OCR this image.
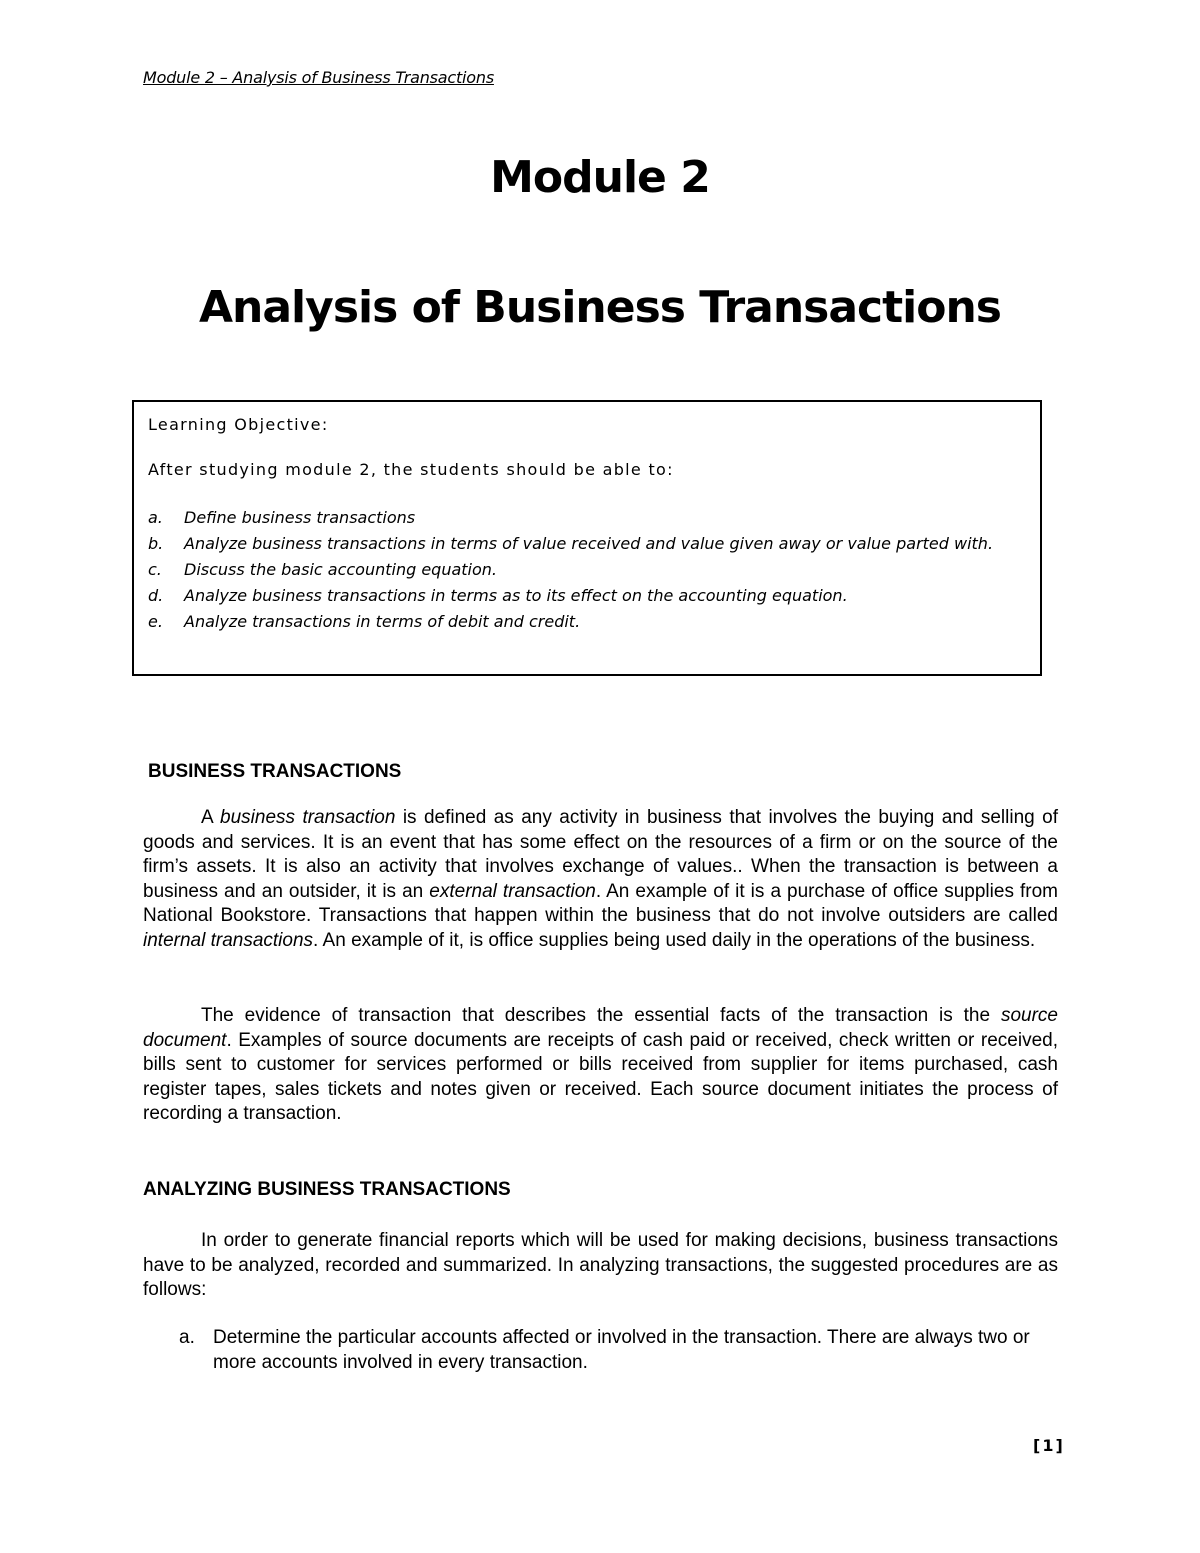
Module 2 – Analysis of Business Transactions
Module 2
Analysis of Business Transactions
Learning Objective:
After studying module 2, the students should be able to:
a. Define business transactions
b. Analyze business transactions in terms of value received and value given away or value parted with.
c. Discuss the basic accounting equation.
d. Analyze business transactions in terms as to its effect on the accounting equation.
e. Analyze transactions in terms of debit and credit.
BUSINESS TRANSACTIONS

A business transaction is defined as any activity in business that involves the buying and selling of goods and services. It is an event that has some effect on the resources of a firm or on the source of the firm’s assets. It is also an activity that involves exchange of values.. When the transaction is between a business and an outsider, it is an external transaction. An example of it is a purchase of office supplies from National Bookstore. Transactions that happen within the business that do not involve outsiders are called internal transactions. An example of it, is office supplies being used daily in the operations of the business.

The evidence of transaction that describes the essential facts of the transaction is the source document. Examples of source documents are receipts of cash paid or received, check written or received, bills sent to customer for services performed or bills received from supplier for items purchased, cash register tapes, sales tickets and notes given or received. Each source document initiates the process of recording a transaction.

ANALYZING BUSINESS TRANSACTIONS

In order to generate financial reports which will be used for making decisions, business transactions have to be analyzed, recorded and summarized. In analyzing transactions, the suggested procedures are as follows:

a. Determine the particular accounts affected or involved in the transaction. There are always two or more accounts involved in every transaction.
[1]
